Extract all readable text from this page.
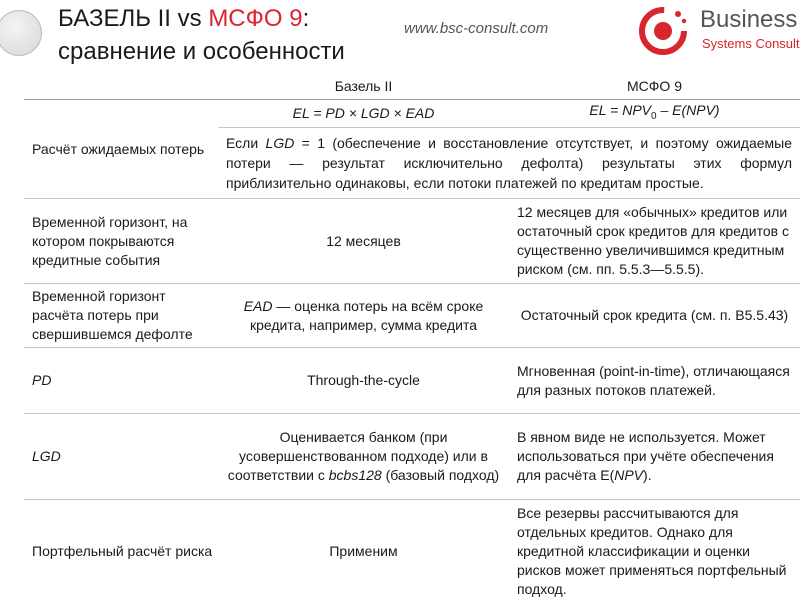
БАЗЕЛЬ II vs МСФО 9:
сравнение и особенности
www.bsc-consult.com	Business
Systems Consult
	Базель II	МСФО 9
Расчёт ожидаемых потерь	EL = PD × LGD × EAD	EL = $NPV_0 - E(NPV)$
	Если LGD = 1 (обеспечение и восстановление отсутствует, и поэтому ожидаемые потери — результат исключительно дефолта) результаты этих формул приблизительно одинаковы, если потоки платежей по кредитам простые.	
Временной горизонт, на котором покрываются кредитные события	12 месяцев	12 месяцев для «обычных» кредитов или остаточный срок кредитов для кредитов с существенно увеличившимся кредитным риском (см. пп. 5.5.3—5.5.5).
Временной горизонт расчёта потерь при свершившемся дефолте	EAD — оценка потерь на всём сроке кредита, например, сумма кредита	Остаточный срок кредита (см. п. B5.5.43)
PD	Through-the-cycle	Мгновенная (point-in-time), отличающаяся для разных потоков платежей.
LGD	Оценивается банком (при усовершенствованном подходе) или в соответствии с bcbs128 (базовый подход)	В явном виде не используется. Может использоваться при учёте обеспечения для расчёта E(NPV).
Портфельный расчёт риска	Применим	Все резервы рассчитываются для отдельных кредитов. Однако для кредитной классификации и оценки рисков может применяться портфельный подход.
